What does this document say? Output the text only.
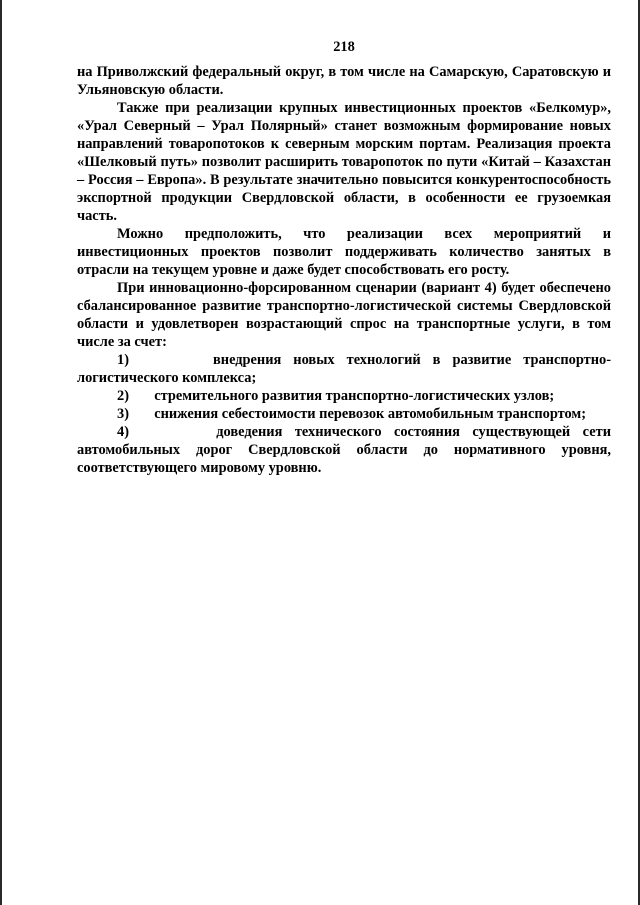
218

на Приволжский федеральный округ, в том числе на Самарскую, Саратовскую и Ульяновскую области.

Также при реализации крупных инвестиционных проектов «Белкомур», «Урал Северный – Урал Полярный» станет возможным формирование новых направлений товаропотоков к северным морским портам. Реализация проекта «Шелковый путь» позволит расширить товаропоток по пути «Китай – Казахстан – Россия – Европа». В результате значительно повысится конкурентоспособность экспортной продукции Свердловской области, в особенности ее грузоемкая часть.

Можно предположить, что реализации всех мероприятий и инвестиционных проектов позволит поддерживать количество занятых в отрасли на текущем уровне и даже будет способствовать его росту.

При инновационно-форсированном сценарии (вариант 4) будет обеспечено сбалансированное развитие транспортно-логистической системы Свердловской области и удовлетворен возрастающий спрос на транспортные услуги, в том числе за счет:

1)	внедрения новых технологий в развитие транспортно-логистического комплекса;

2) стремительного развития транспортно-логистических узлов;

3) снижения себестоимости перевозок автомобильным транспортом;

4)	доведения технического состояния существующей сети автомобильных дорог Свердловской области до нормативного уровня, соответствующего мировому уровню.
